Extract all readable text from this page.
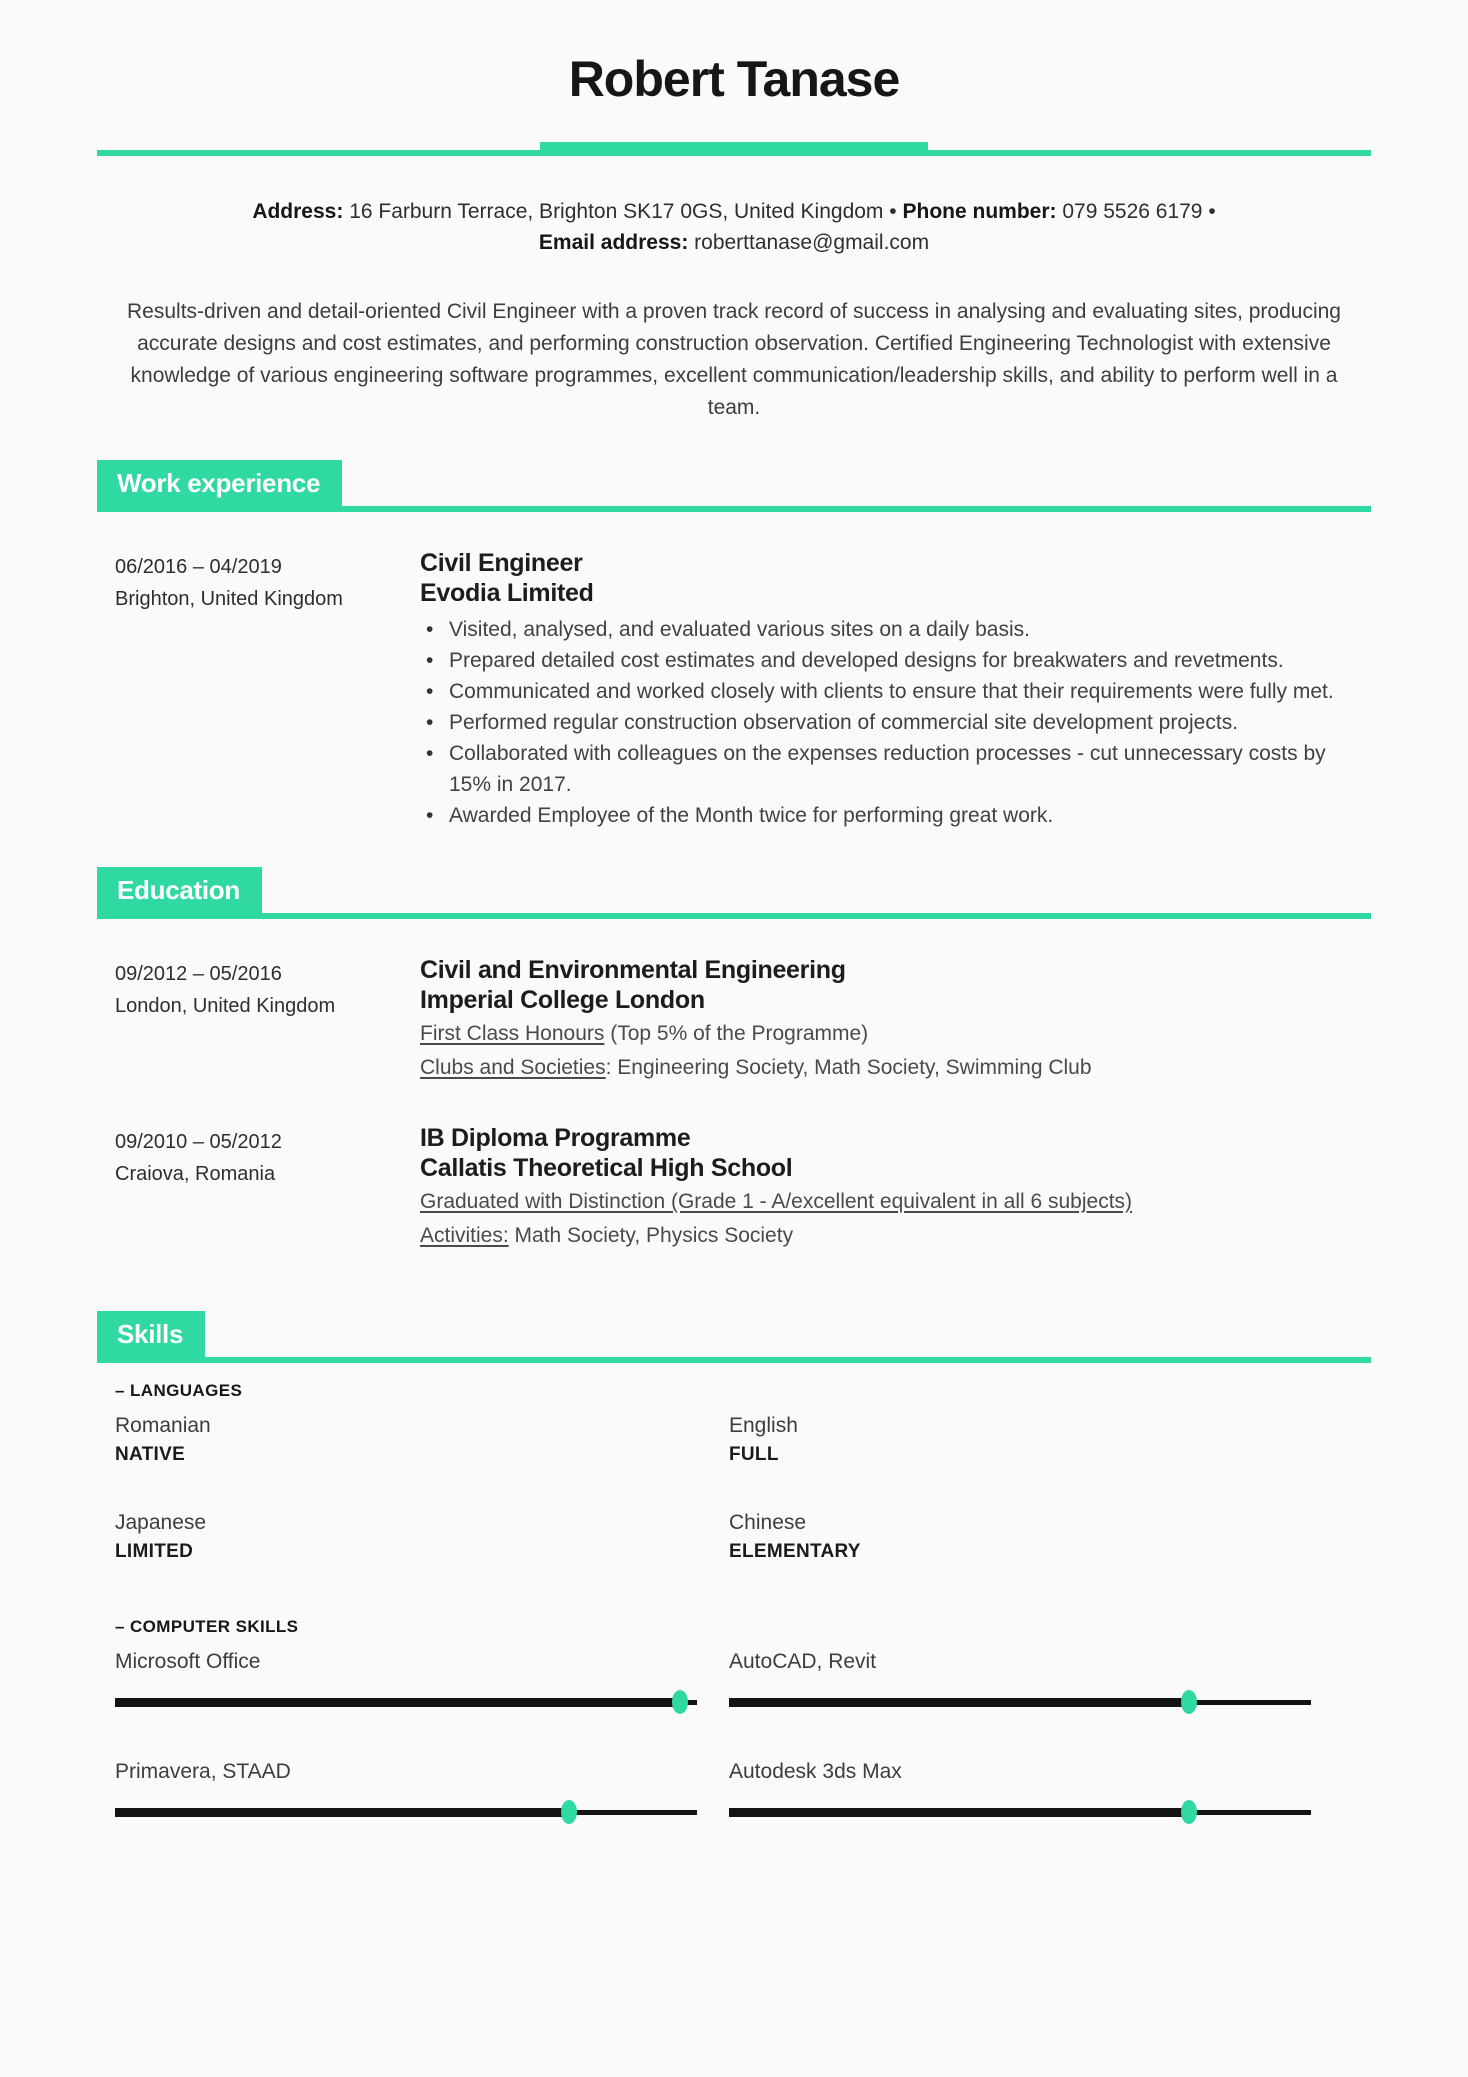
Robert Tanase
Address: 16 Farburn Terrace, Brighton SK17 0GS, United Kingdom • Phone number: 079 5526 6179 •
Email address: roberttanase@gmail.com

Results-driven and detail-oriented Civil Engineer with a proven track record of success in analysing and evaluating sites, producing accurate designs and cost estimates, and performing construction observation. Certified Engineering Technologist with extensive knowledge of various engineering software programmes, excellent communication/leadership skills, and ability to perform well in a team.

Work experience
06/2016 – 04/2019
Brighton, United Kingdom
Civil Engineer
Evodia Limited
• Visited, analysed, and evaluated various sites on a daily basis.
• Prepared detailed cost estimates and developed designs for breakwaters and revetments.
• Communicated and worked closely with clients to ensure that their requirements were fully met.
• Performed regular construction observation of commercial site development projects.
• Collaborated with colleagues on the expenses reduction processes - cut unnecessary costs by 15% in 2017.
• Awarded Employee of the Month twice for performing great work.
Education
09/2012 – 05/2016
London, United Kingdom
Civil and Environmental Engineering
Imperial College London
First Class Honours (Top 5% of the Programme)
Clubs and Societies: Engineering Society, Math Society, Swimming Club
09/2010 – 05/2012
Craiova, Romania
IB Diploma Programme
Callatis Theoretical High School
Graduated with Distinction (Grade 1 - A/excellent equivalent in all 6 subjects)
Activities: Math Society, Physics Society
Skills
– LANGUAGES
Romanian
NATIVE
English
FULL
Japanese
LIMITED
Chinese
ELEMENTARY
– COMPUTER SKILLS
Microsoft Office	AutoCAD, Revit
Primavera, STAAD	Autodesk 3ds Max
